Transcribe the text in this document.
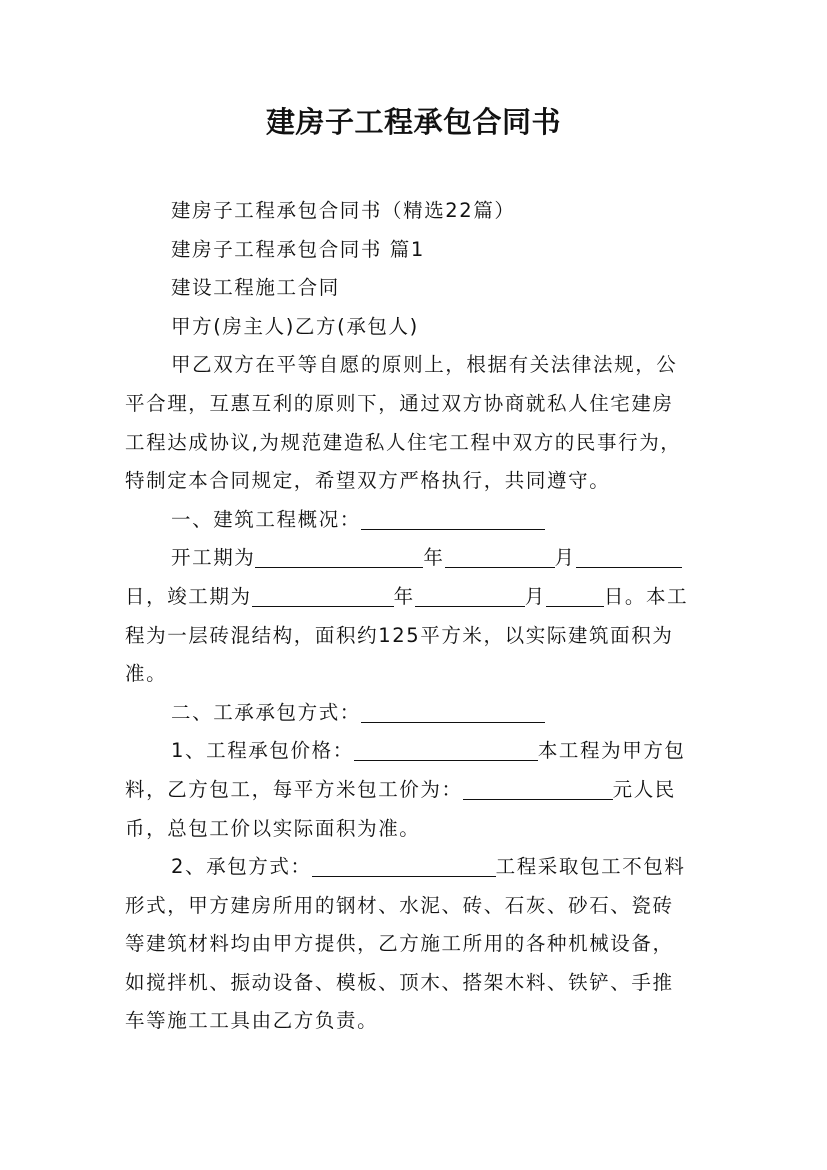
建房子工程承包合同书
建房子工程承包合同书（精选22篇）
建房子工程承包合同书 篇1
建设工程施工合同
甲方(房主人)乙方(承包人)
甲乙双方在平等自愿的原则上，根据有关法律法规，公
平合理，互惠互利的原则下，通过双方协商就私人住宅建房
工程达成协议,为规范建造私人住宅工程中双方的民事行为，
特制定本合同规定，希望双方严格执行，共同遵守。
一、建筑工程概况：
开工期为	年	月
日，竣工期为	年	月	日。本工
程为一层砖混结构，面积约125平方米，以实际建筑面积为
准。
二、工承承包方式：
1、工程承包价格：	本工程为甲方包
料，乙方包工，每平方米包工价为：	元人民
币，总包工价以实际面积为准。
2、承包方式：	工程采取包工不包料
形式，甲方建房所用的钢材、水泥、砖、石灰、砂石、瓷砖
等建筑材料均由甲方提供，乙方施工所用的各种机械设备，
如搅拌机、振动设备、模板、顶木、搭架木料、铁铲、手推
车等施工工具由乙方负责。
